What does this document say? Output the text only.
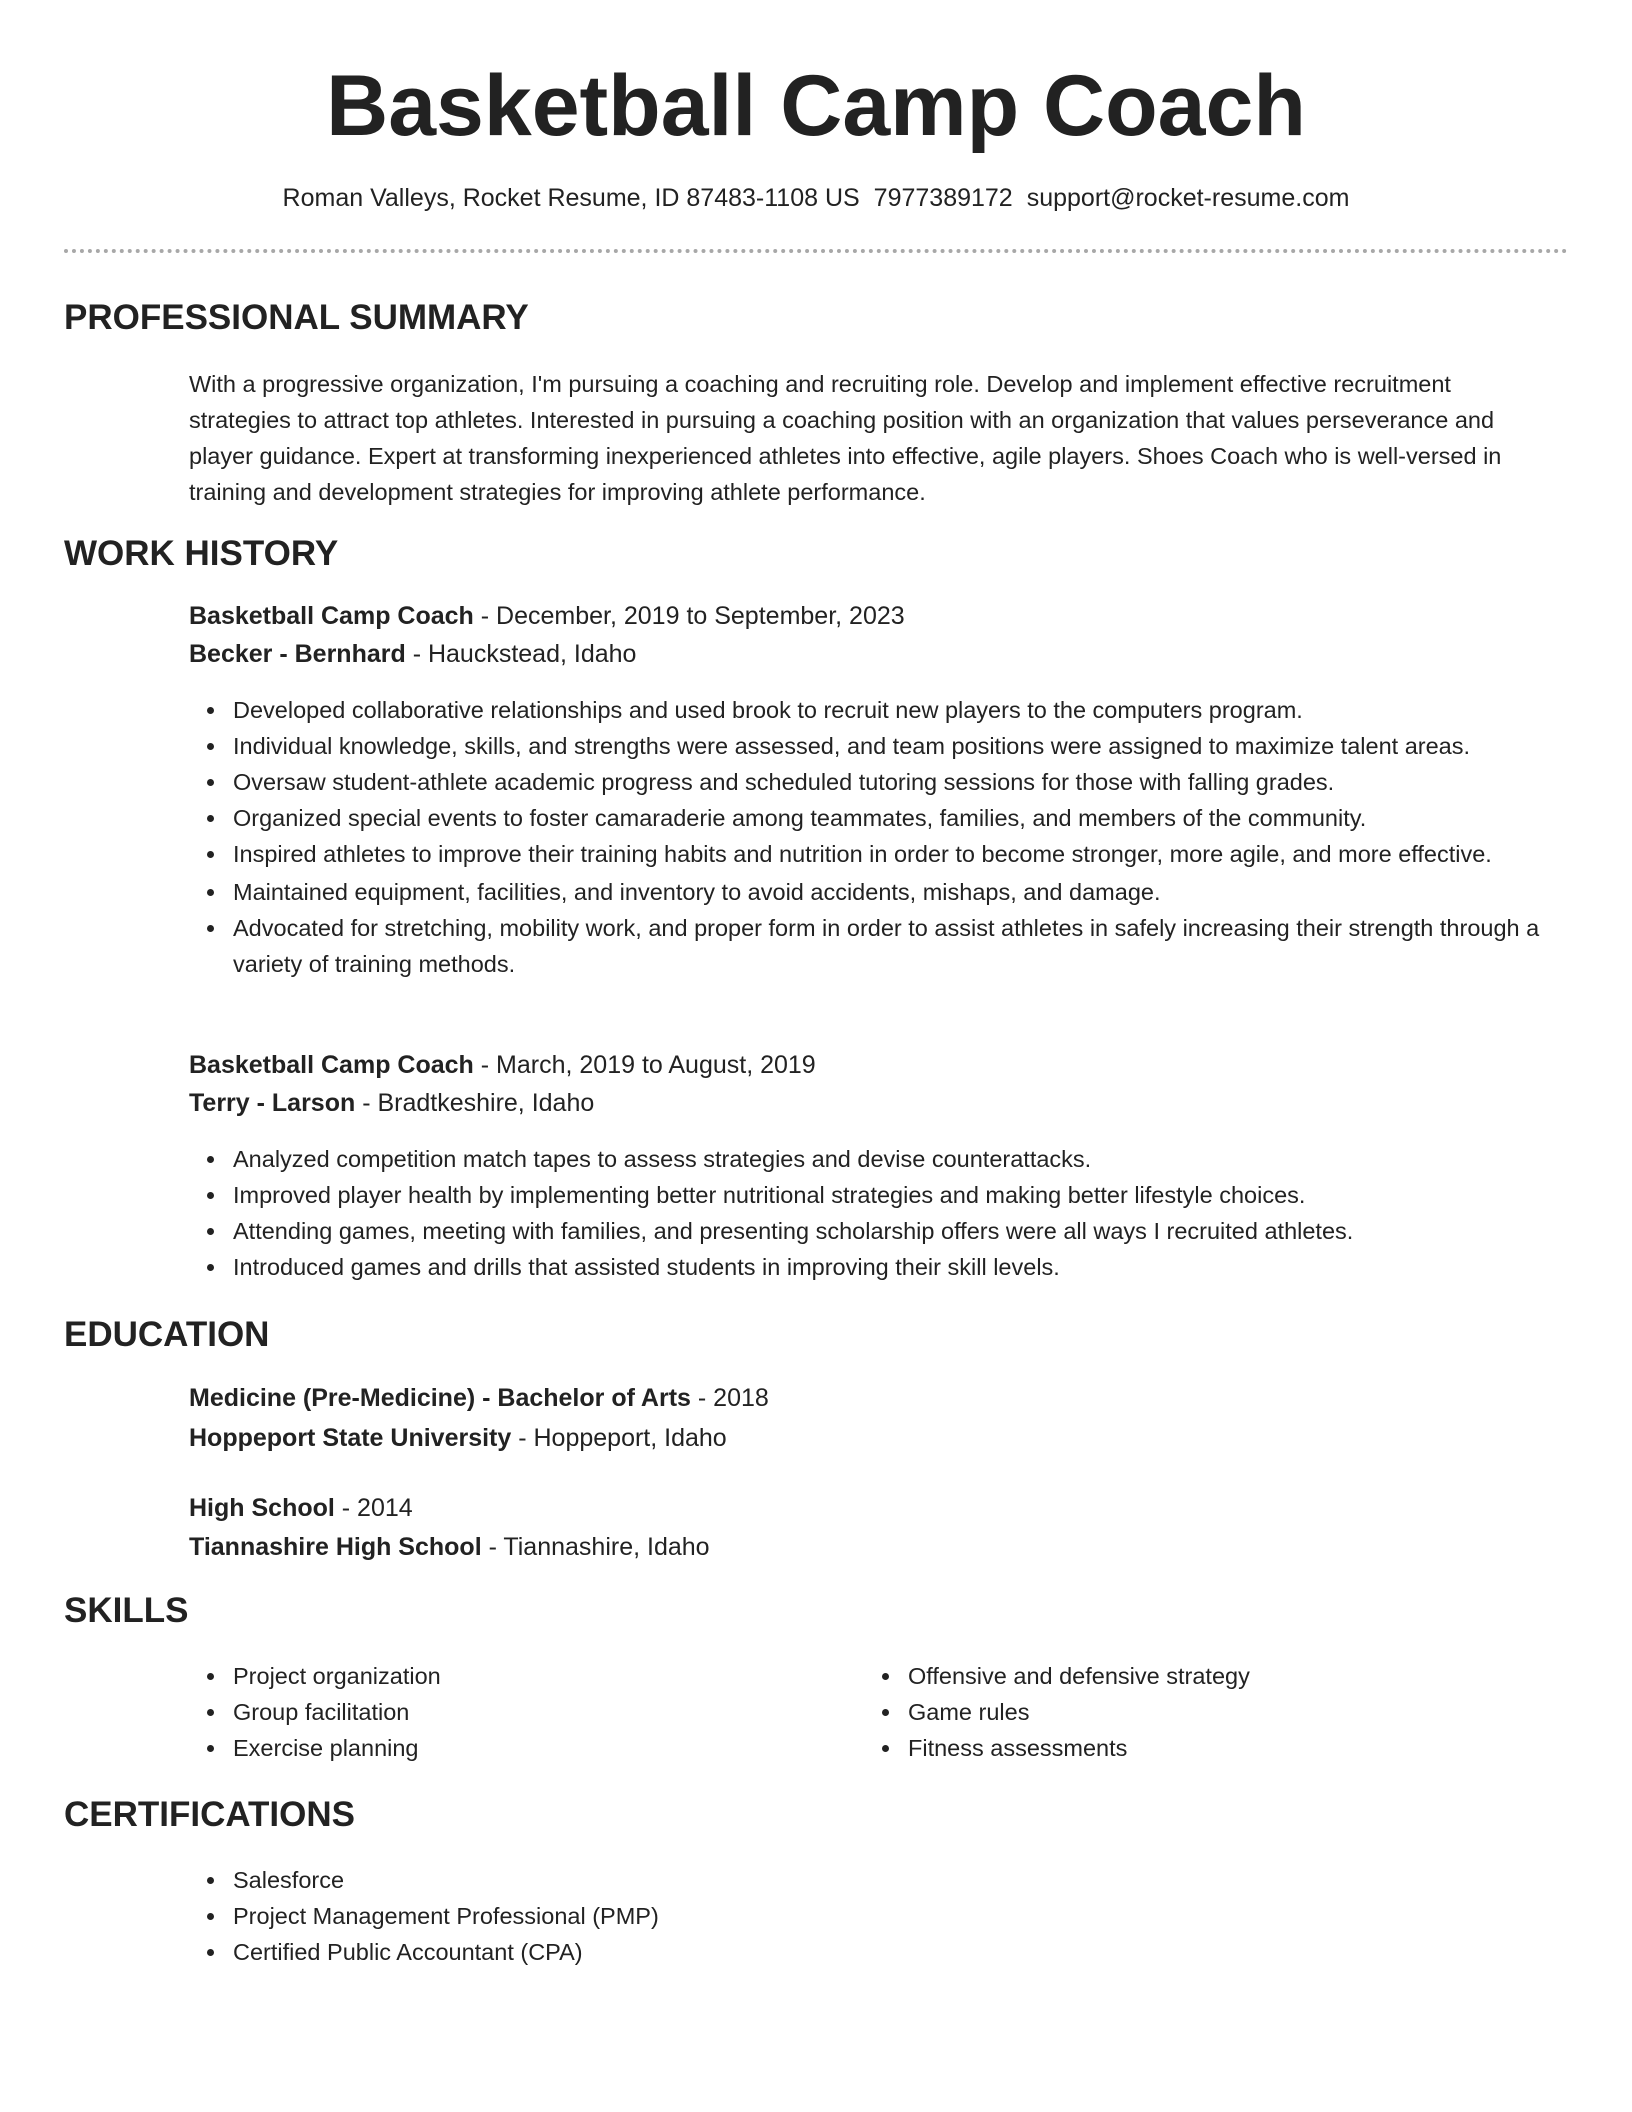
Basketball Camp Coach
Roman Valleys, Rocket Resume, ID 87483-1108 US 7977389172 support@rocket-resume.com
PROFESSIONAL SUMMARY

With a progressive organization, I'm pursuing a coaching and recruiting role. Develop and implement effective recruitment strategies to attract top athletes. Interested in pursuing a coaching position with an organization that values perseverance and player guidance. Expert at transforming inexperienced athletes into effective, agile players. Shoes Coach who is well-versed in training and development strategies for improving athlete performance.

WORK HISTORY
Basketball Camp Coach - December, 2019 to September, 2023
Becker - Bernhard - Hauckstead, Idaho
Developed collaborative relationships and used brook to recruit new players to the computers program.
Individual knowledge, skills, and strengths were assessed, and team positions were assigned to maximize talent areas.
Oversaw student-athlete academic progress and scheduled tutoring sessions for those with falling grades.
Organized special events to foster camaraderie among teammates, families, and members of the community.
Inspired athletes to improve their training habits and nutrition in order to become stronger, more agile, and more effective.
Maintained equipment, facilities, and inventory to avoid accidents, mishaps, and damage.
Advocated for stretching, mobility work, and proper form in order to assist athletes in safely increasing their strength through a variety of training methods.
Basketball Camp Coach - March, 2019 to August, 2019
Terry - Larson - Bradtkeshire, Idaho
Analyzed competition match tapes to assess strategies and devise counterattacks.
Improved player health by implementing better nutritional strategies and making better lifestyle choices.
Attending games, meeting with families, and presenting scholarship offers were all ways I recruited athletes.
Introduced games and drills that assisted students in improving their skill levels.
EDUCATION
Medicine (Pre-Medicine) - Bachelor of Arts - 2018
Hoppeport State University - Hoppeport, Idaho
High School - 2014
Tiannashire High School - Tiannashire, Idaho
SKILLS
Project organization
Group facilitation
Exercise planning
Offensive and defensive strategy
Game rules
Fitness assessments
CERTIFICATIONS
Salesforce
Project Management Professional (PMP)
Certified Public Accountant (CPA)
